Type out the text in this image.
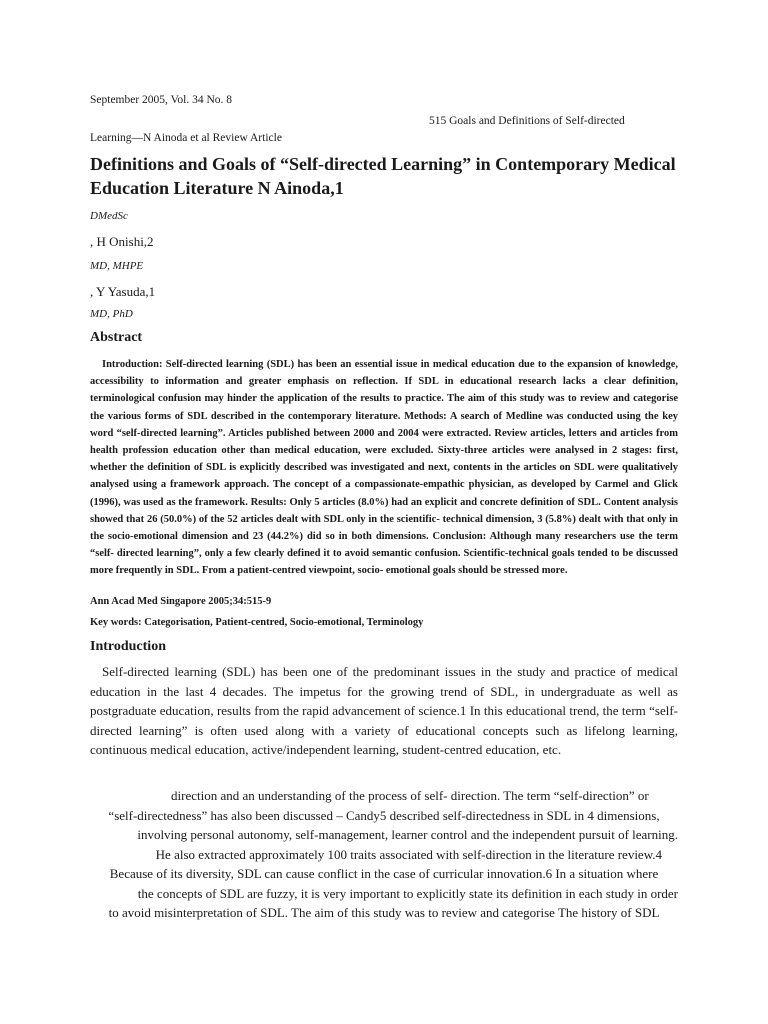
September 2005, Vol. 34 No. 8
515 Goals and Definitions of Self-directed
Learning—N Ainoda et al Review Article
Definitions and Goals of “Self-directed Learning” in Contemporary Medical Education Literature N Ainoda,1
DMedSc
, H Onishi,2
MD, MHPE
, Y Yasuda,1
MD, PhD
Abstract

Introduction: Self-directed learning (SDL) has been an essential issue in medical education due to the expansion of knowledge, accessibility to information and greater emphasis on reflection. If SDL in educational research lacks a clear definition, terminological confusion may hinder the application of the results to practice. The aim of this study was to review and categorise the various forms of SDL described in the contemporary literature. Methods: A search of Medline was conducted using the key word “self-directed learning”. Articles published between 2000 and 2004 were extracted. Review articles, letters and articles from health profession education other than medical education, were excluded. Sixty-three articles were analysed in 2 stages: first, whether the definition of SDL is explicitly described was investigated and next, contents in the articles on SDL were qualitatively analysed using a framework approach. The concept of a compassionate-empathic physician, as developed by Carmel and Glick (1996), was used as the framework. Results: Only 5 articles (8.0%) had an explicit and concrete definition of SDL. Content analysis showed that 26 (50.0%) of the 52 articles dealt with SDL only in the scientific- technical dimension, 3 (5.8%) dealt with that only in the socio-emotional dimension and 23 (44.2%) did so in both dimensions. Conclusion: Although many researchers use the term “self- directed learning”, only a few clearly defined it to avoid semantic confusion. Scientific-technical goals tended to be discussed more frequently in SDL. From a patient-centred viewpoint, socio- emotional goals should be stressed more.

Ann Acad Med Singapore 2005;34:515-9
Key words: Categorisation, Patient-centred, Socio-emotional, Terminology
Introduction

Self-directed learning (SDL) has been one of the predominant issues in the study and practice of medical education in the last 4 decades. The impetus for the growing trend of SDL, in undergraduate as well as postgraduate education, results from the rapid advancement of science.1 In this educational trend, the term “self-directed learning” is often used along with a variety of educational concepts such as lifelong learning, continuous medical education, active/independent learning, student-centred education, etc.

direction and an understanding of the process of self- direction. The term “self-direction” or

“self-directedness” has also been discussed – Candy5 described self-directedness in SDL in 4 dimensions,

involving personal autonomy, self-management, learner control and the independent pursuit of learning.

He also extracted approximately 100 traits associated with self-direction in the literature review.4

Because of its diversity, SDL can cause conflict in the case of curricular innovation.6 In a situation where

the concepts of SDL are fuzzy, it is very important to explicitly state its definition in each study in order

to avoid misinterpretation of SDL. The aim of this study was to review and categorise The history of SDL
